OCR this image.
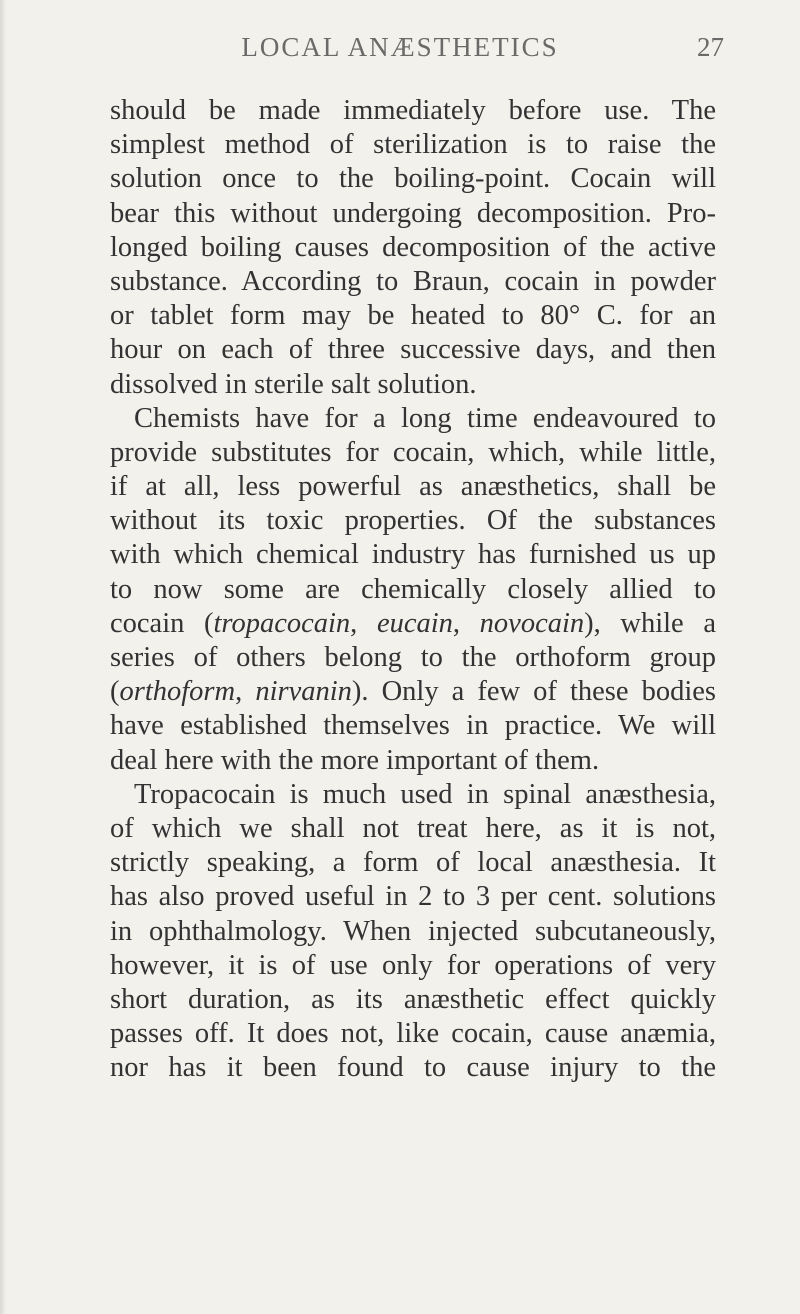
LOCAL ANÆSTHETICS	27
should be made immediately before use. The
simplest method of sterilization is to raise the
solution once to the boiling-point. Cocain will
bear this without undergoing decomposition. Pro-
longed boiling causes decomposition of the active
substance. According to Braun, cocain in powder
or tablet form may be heated to 80° C. for an
hour on each of three successive days, and then
dissolved in sterile salt solution.
Chemists have for a long time endeavoured to
provide substitutes for cocain, which, while little,
if at all, less powerful as anæsthetics, shall be
without its toxic properties. Of the substances
with which chemical industry has furnished us up
to now some are chemically closely allied to
cocain (tropacocain, eucain, novocain), while a
series of others belong to the orthoform group
(orthoform, nirvanin). Only a few of these bodies
have established themselves in practice. We will
deal here with the more important of them.
Tropacocain is much used in spinal anæsthesia,
of which we shall not treat here, as it is not,
strictly speaking, a form of local anæsthesia. It
has also proved useful in 2 to 3 per cent. solutions
in ophthalmology. When injected subcutaneously,
however, it is of use only for operations of very
short duration, as its anæsthetic effect quickly
passes off. It does not, like cocain, cause anæmia,
nor has it been found to cause injury to the
